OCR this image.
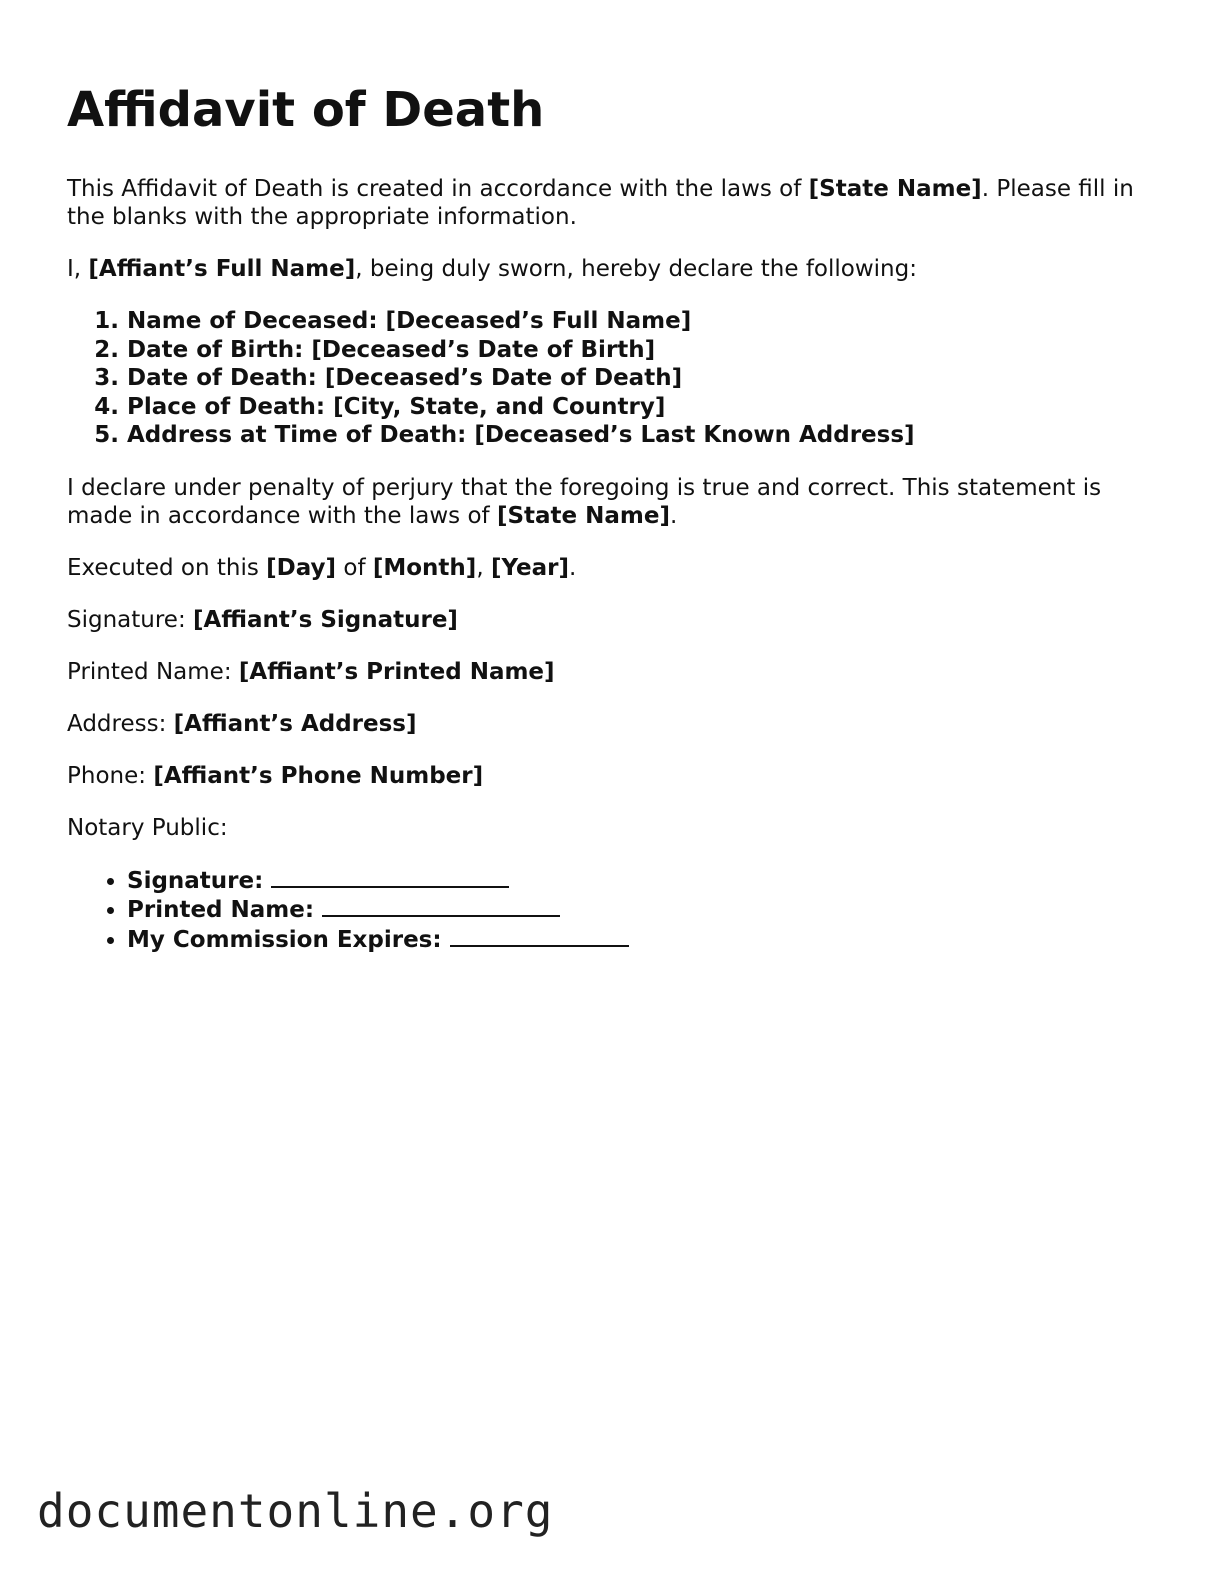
Affidavit of Death

This Affidavit of Death is created in accordance with the laws of [State Name]. Please fill in the blanks with the appropriate information.

I, [Affiant’s Full Name], being duly sworn, hereby declare the following:

1. Name of Deceased: [Deceased’s Full Name]
2. Date of Birth: [Deceased’s Date of Birth]
3. Date of Death: [Deceased’s Date of Death]
4. Place of Death: [City, State, and Country]
5. Address at Time of Death: [Deceased’s Last Known Address]

I declare under penalty of perjury that the foregoing is true and correct. This statement is made in accordance with the laws of [State Name].

Executed on this [Day] of [Month], [Year].

Signature: [Affiant’s Signature]

Printed Name: [Affiant’s Printed Name]

Address: [Affiant’s Address]

Phone: [Affiant’s Phone Number]

Notary Public:

• Signature:
• Printed Name:
• My Commission Expires:
documentonline.org
